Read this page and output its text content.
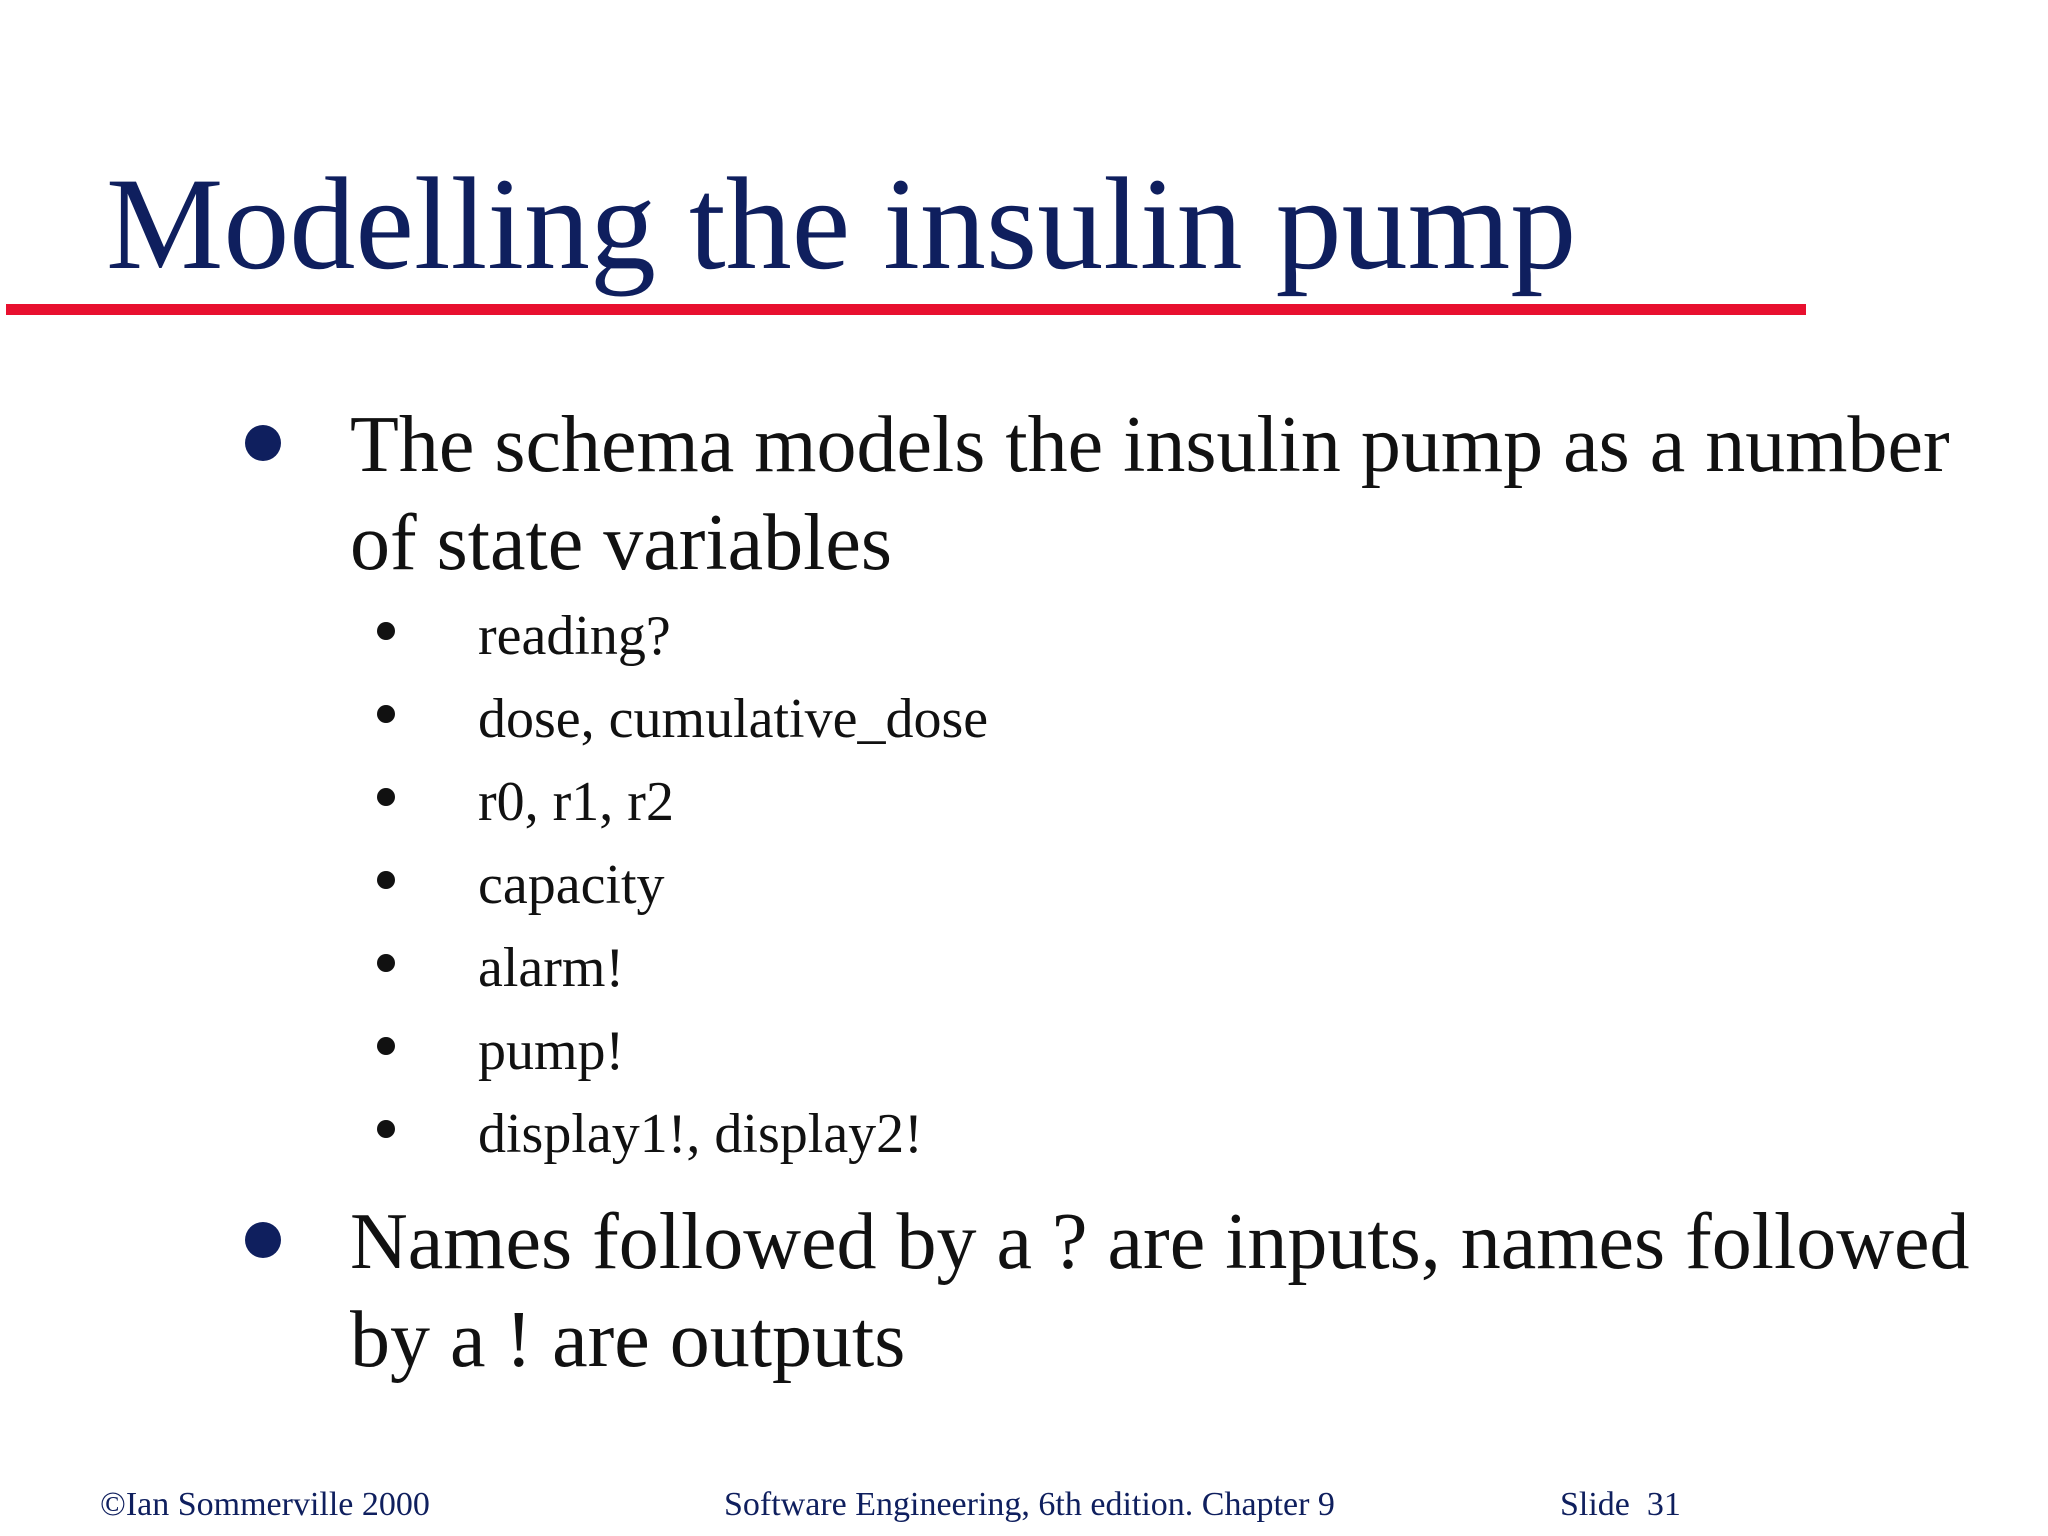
Modelling the insulin pump

The schema models the insulin pump as a number of state variables

reading?

dose, cumulative_dose

r0, r1, r2

capacity

alarm!

pump!

display1!, display2!

Names followed by a ? are inputs, names followed by a ! are outputs

©Ian Sommerville 2000	Software Engineering, 6th edition. Chapter 9	Slide  31
